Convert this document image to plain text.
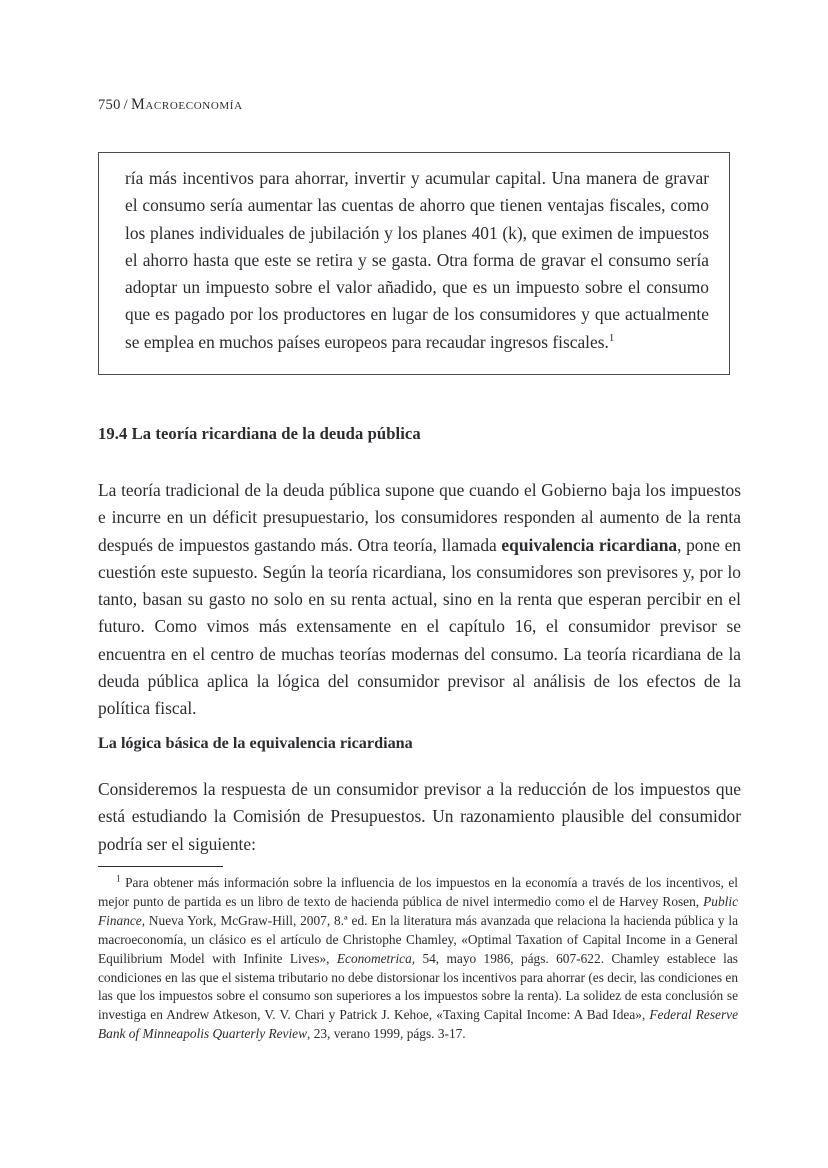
750 / Macroeconomía
ría más incentivos para ahorrar, invertir y acumular capital. Una manera de gravar el consumo sería aumentar las cuentas de ahorro que tienen ventajas fiscales, como los planes individuales de jubilación y los planes 401 (k), que eximen de impuestos el ahorro hasta que este se retira y se gasta. Otra forma de gravar el consumo sería adoptar un impuesto sobre el valor añadido, que es un impuesto sobre el consumo que es pagado por los productores en lugar de los consumidores y que actualmente se emplea en muchos países europeos para recaudar ingresos fiscales.$^1$
19.4 La teoría ricardiana de la deuda pública
La teoría tradicional de la deuda pública supone que cuando el Gobierno baja los impuestos e incurre en un déficit presupuestario, los consumidores responden al aumento de la renta después de impuestos gastando más. Otra teoría, llamada equivalencia ricardiana, pone en cuestión este supuesto. Según la teoría ricardiana, los consumidores son previsores y, por lo tanto, basan su gasto no solo en su renta actual, sino en la renta que esperan percibir en el futuro. Como vimos más extensamente en el capítulo 16, el consumidor previsor se encuentra en el centro de muchas teorías modernas del consumo. La teoría ricardiana de la deuda pública aplica la lógica del consumidor previsor al análisis de los efectos de la política fiscal.
La lógica básica de la equivalencia ricardiana
Consideremos la respuesta de un consumidor previsor a la reducción de los impuestos que está estudiando la Comisión de Presupuestos. Un razonamiento plausible del consumidor podría ser el siguiente:
$^1$ Para obtener más información sobre la influencia de los impuestos en la economía a través de los incentivos, el mejor punto de partida es un libro de texto de hacienda pública de nivel intermedio como el de Harvey Rosen, Public Finance, Nueva York, McGraw-Hill, 2007, 8.ª ed. En la literatura más avanzada que relaciona la hacienda pública y la macroeconomía, un clásico es el artículo de Christophe Chamley, «Optimal Taxation of Capital Income in a General Equilibrium Model with Infinite Lives», Econometrica, 54, mayo 1986, págs. 607-622. Chamley establece las condiciones en las que el sistema tributario no debe distorsionar los incentivos para ahorrar (es decir, las condiciones en las que los impuestos sobre el consumo son superiores a los impuestos sobre la renta). La solidez de esta conclusión se investiga en Andrew Atkeson, V. V. Chari y Patrick J. Kehoe, «Taxing Capital Income: A Bad Idea», Federal Reserve Bank of Minneapolis Quarterly Review, 23, verano 1999, págs. 3-17.
